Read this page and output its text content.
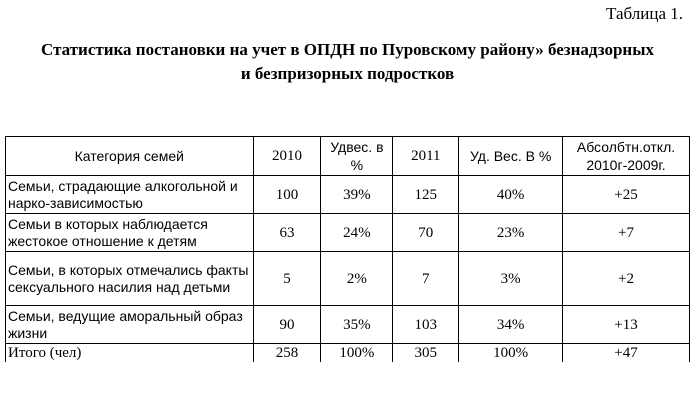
Таблица 1.
Статистика постановки на учет в ОПДН по Пуровскому району» безнадзорных
и безпризорных подростков
Категория семей	2010	Удвес. в %	2011	Уд. Вес. В %	Абсолбтн.откл. 2010г-2009г.
Семьи, страдающие алкогольной и нарко-зависимостью	100	39%	125	40%	+25
Семьи в которых наблюдается жестокое отношение к детям	63	24%	70	23%	+7
Семьи, в которых отмечались факты сексуального насилия над детьми	5	2%	7	3%	+2
Семьи, ведущие аморальный образ жизни	90	35%	103	34%	+13
Итого (чел)	258	100%	305	100%	+47
